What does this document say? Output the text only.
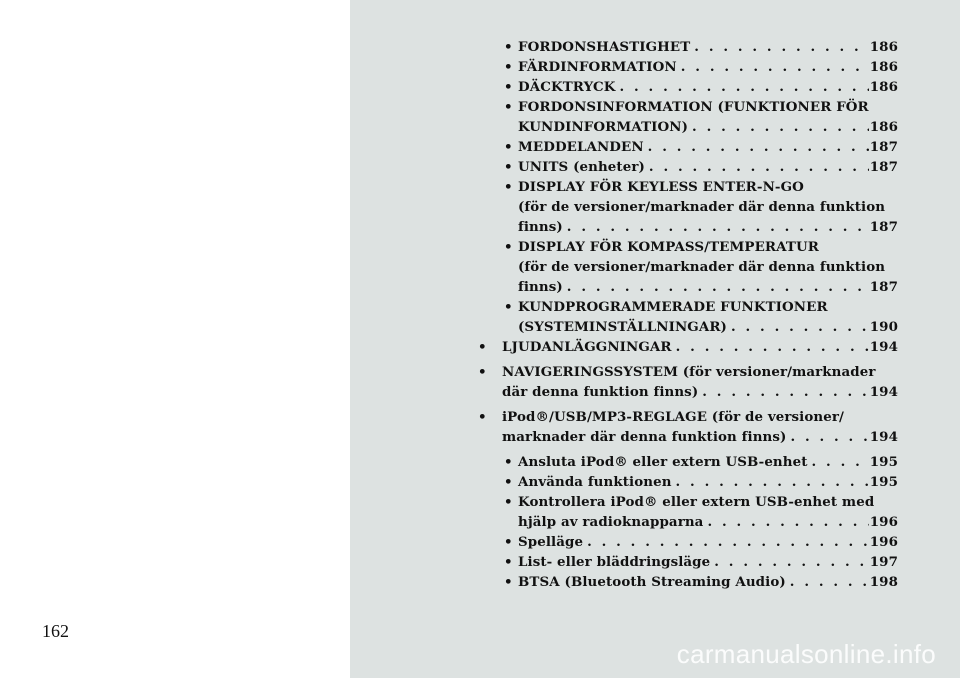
162
• FORDONSHASTIGHET . . .	186
• FÄRDINFORMATION . . .	186
• DÄCKTRYCK . . .	186
• FORDONSINFORMATION (FUNKTIONER FÖR
KUNDINFORMATION) . . .	186
• MEDDELANDEN . . .	187
• UNITS (enheter) . . .	187
• DISPLAY FÖR KEYLESS ENTER-N-GO
(för de versioner/marknader där denna funktion
finns) . . .	187
• DISPLAY FÖR KOMPASS/TEMPERATUR
(för de versioner/marknader där denna funktion
finns) . . .	187
• KUNDPROGRAMMERADE FUNKTIONER
(SYSTEMINSTÄLLNINGAR) . . .	190
• LJUDANLÄGGNINGAR . . .	194
• NAVIGERINGSSYSTEM (för versioner/marknader
där denna funktion finns) . . .	194
• iPod®/USB/MP3-REGLAGE (för de versioner/
marknader där denna funktion finns) . . .	194
• Ansluta iPod® eller extern USB-enhet . . .	195
• Använda funktionen . . .	195
• Kontrollera iPod® eller extern USB-enhet med
hjälp av radioknapparna . . .	196
• Spelläge . . .	196
• List- eller bläddringsläge . . .	197
• BTSA (Bluetooth Streaming Audio) . . .	198
carmanualsonline.info
